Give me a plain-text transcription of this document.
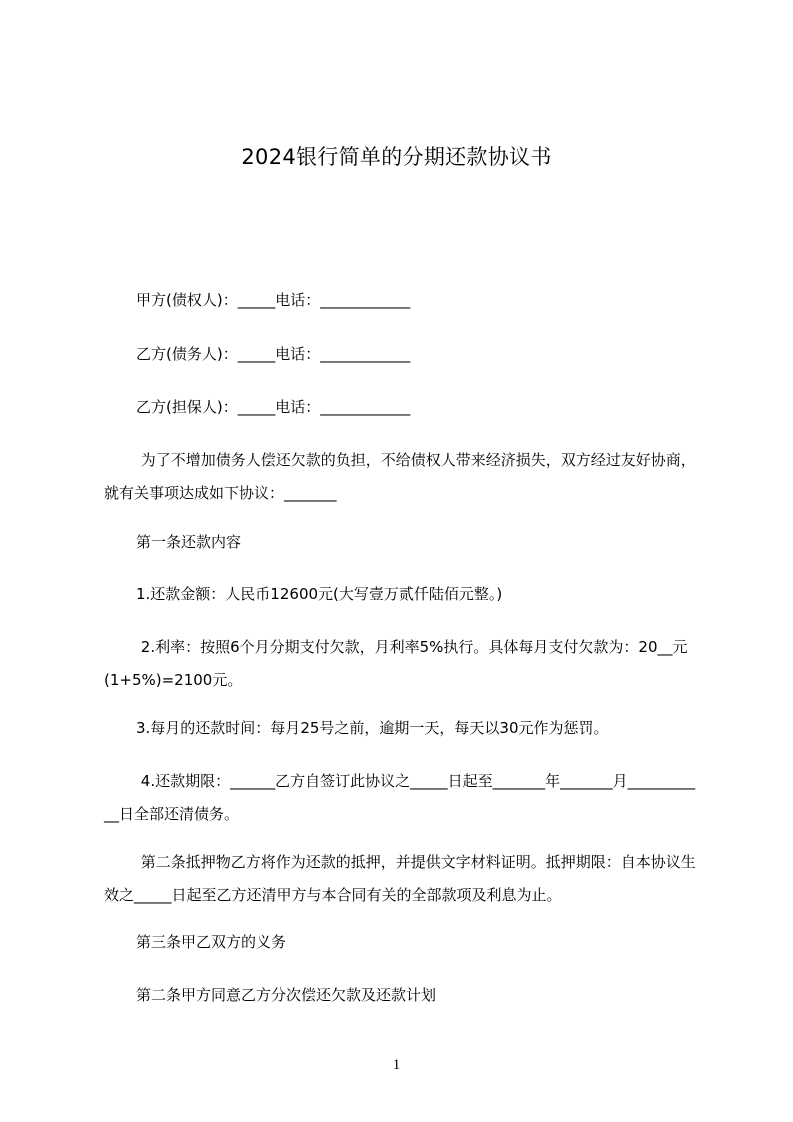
2024银行简单的分期还款协议书
甲方(债权人)：_____电话：____________
乙方(债务人)：_____电话：____________
乙方(担保人)：_____电话：____________
为了不增加债务人偿还欠款的负担，不给债权人带来经济损失，双方经过友好协商，就有关事项达成如下协议：_______
第一条还款内容
1.还款金额：人民币12600元(大写壹万贰仟陆佰元整。)
2.利率：按照6个月分期支付欠款，月利率5%执行。具体每月支付欠款为：20__元(1+5%)=2100元。
3.每月的还款时间：每月25号之前，逾期一天，每天以30元作为惩罚。
4.还款期限：______乙方自签订此协议之_____日起至_______年_______月___________日全部还清债务。
第二条抵押物乙方将作为还款的抵押，并提供文字材料证明。抵押期限：自本协议生效之_____日起至乙方还清甲方与本合同有关的全部款项及利息为止。
第三条甲乙双方的义务
第二条甲方同意乙方分次偿还欠款及还款计划
1
